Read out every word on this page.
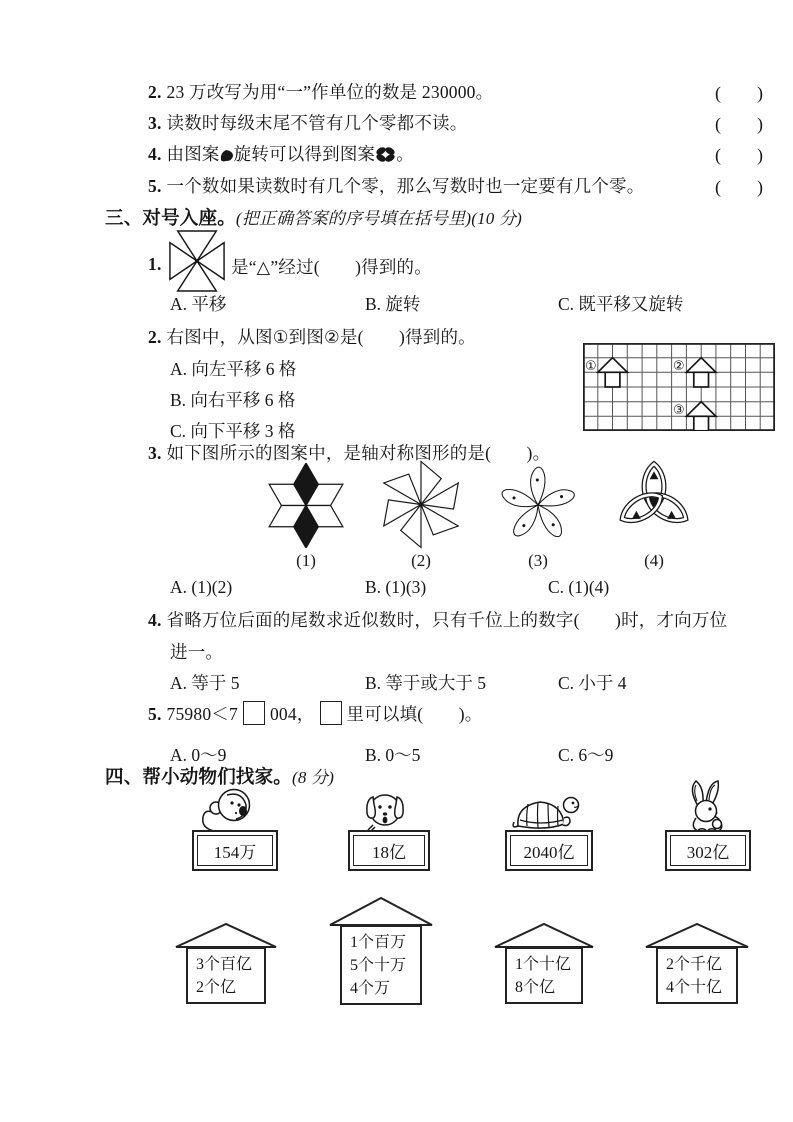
2. 23 万改写为用“一”作单位的数是 230000。	(　　)
3. 读数时每级末尾不管有几个零都不读。	(　　)
4. 由图案 旋转可以得到图案 。	(　　)
5. 一个数如果读数时有几个零，那么写数时也一定要有几个零。	(　　)
三、对号入座。(把正确答案的序号填在括号里)(10 分)
1.	是“△”经过(　　)得到的。
A. 平移	B. 旋转	C. 既平移又旋转
2. 右图中，从图①到图②是(　　)得到的。
A. 向左平移 6 格
B. 向右平移 6 格
C. 向下平移 3 格
①	②
③
3. 如下图所示的图案中，是轴对称图形的是(　　)。
(1)	(2)	(3)	(4)
A. (1)(2)	B. (1)(3)	C. (1)(4)
4. 省略万位后面的尾数求近似数时，只有千位上的数字(　　)时，才向万位
进一。
A. 等于 5	B. 等于或大于 5	C. 小于 4
5. 75980＜7 004， 里可以填(　　)。
A. 0～9	B. 0～5	C. 6～9
四、帮小动物们找家。(8 分)
154万	18亿	2040亿	302亿
3个百亿
2个亿
1个百万
5个十万
4个万
1个十亿
8个亿
2个千亿
4个十亿
